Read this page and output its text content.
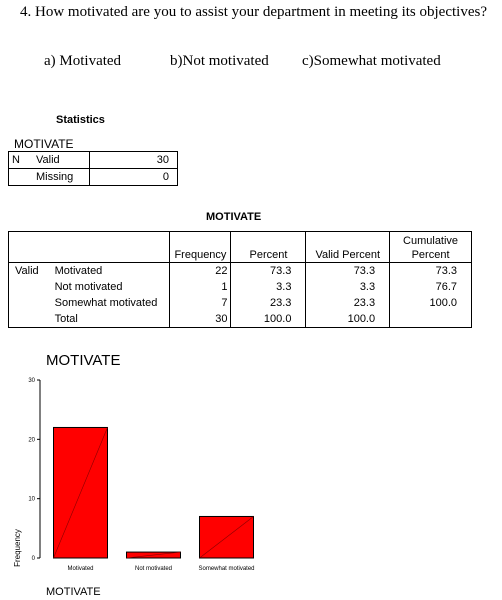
4. How motivated are you to assist your department in meeting its objectives?
a) Motivated	b)Not motivated c)Somewhat motivated
Statistics
MOTIVATE
N	Valid	30
	Missing	0
MOTIVATE
		Frequency	Percent	Valid Percent	Cumulative
Percent
Valid	Motivated	22	73.3	73.3	73.3
	Not motivated	1	3.3	3.3	76.7
	Somewhat motivated	7	23.3	23.3	100.0
	Total	30	100.0	100.0	
MOTIVATE
0
10
20
30
Frequency
Motivated	Not motivated	Somewhat motivated
MOTIVATE
